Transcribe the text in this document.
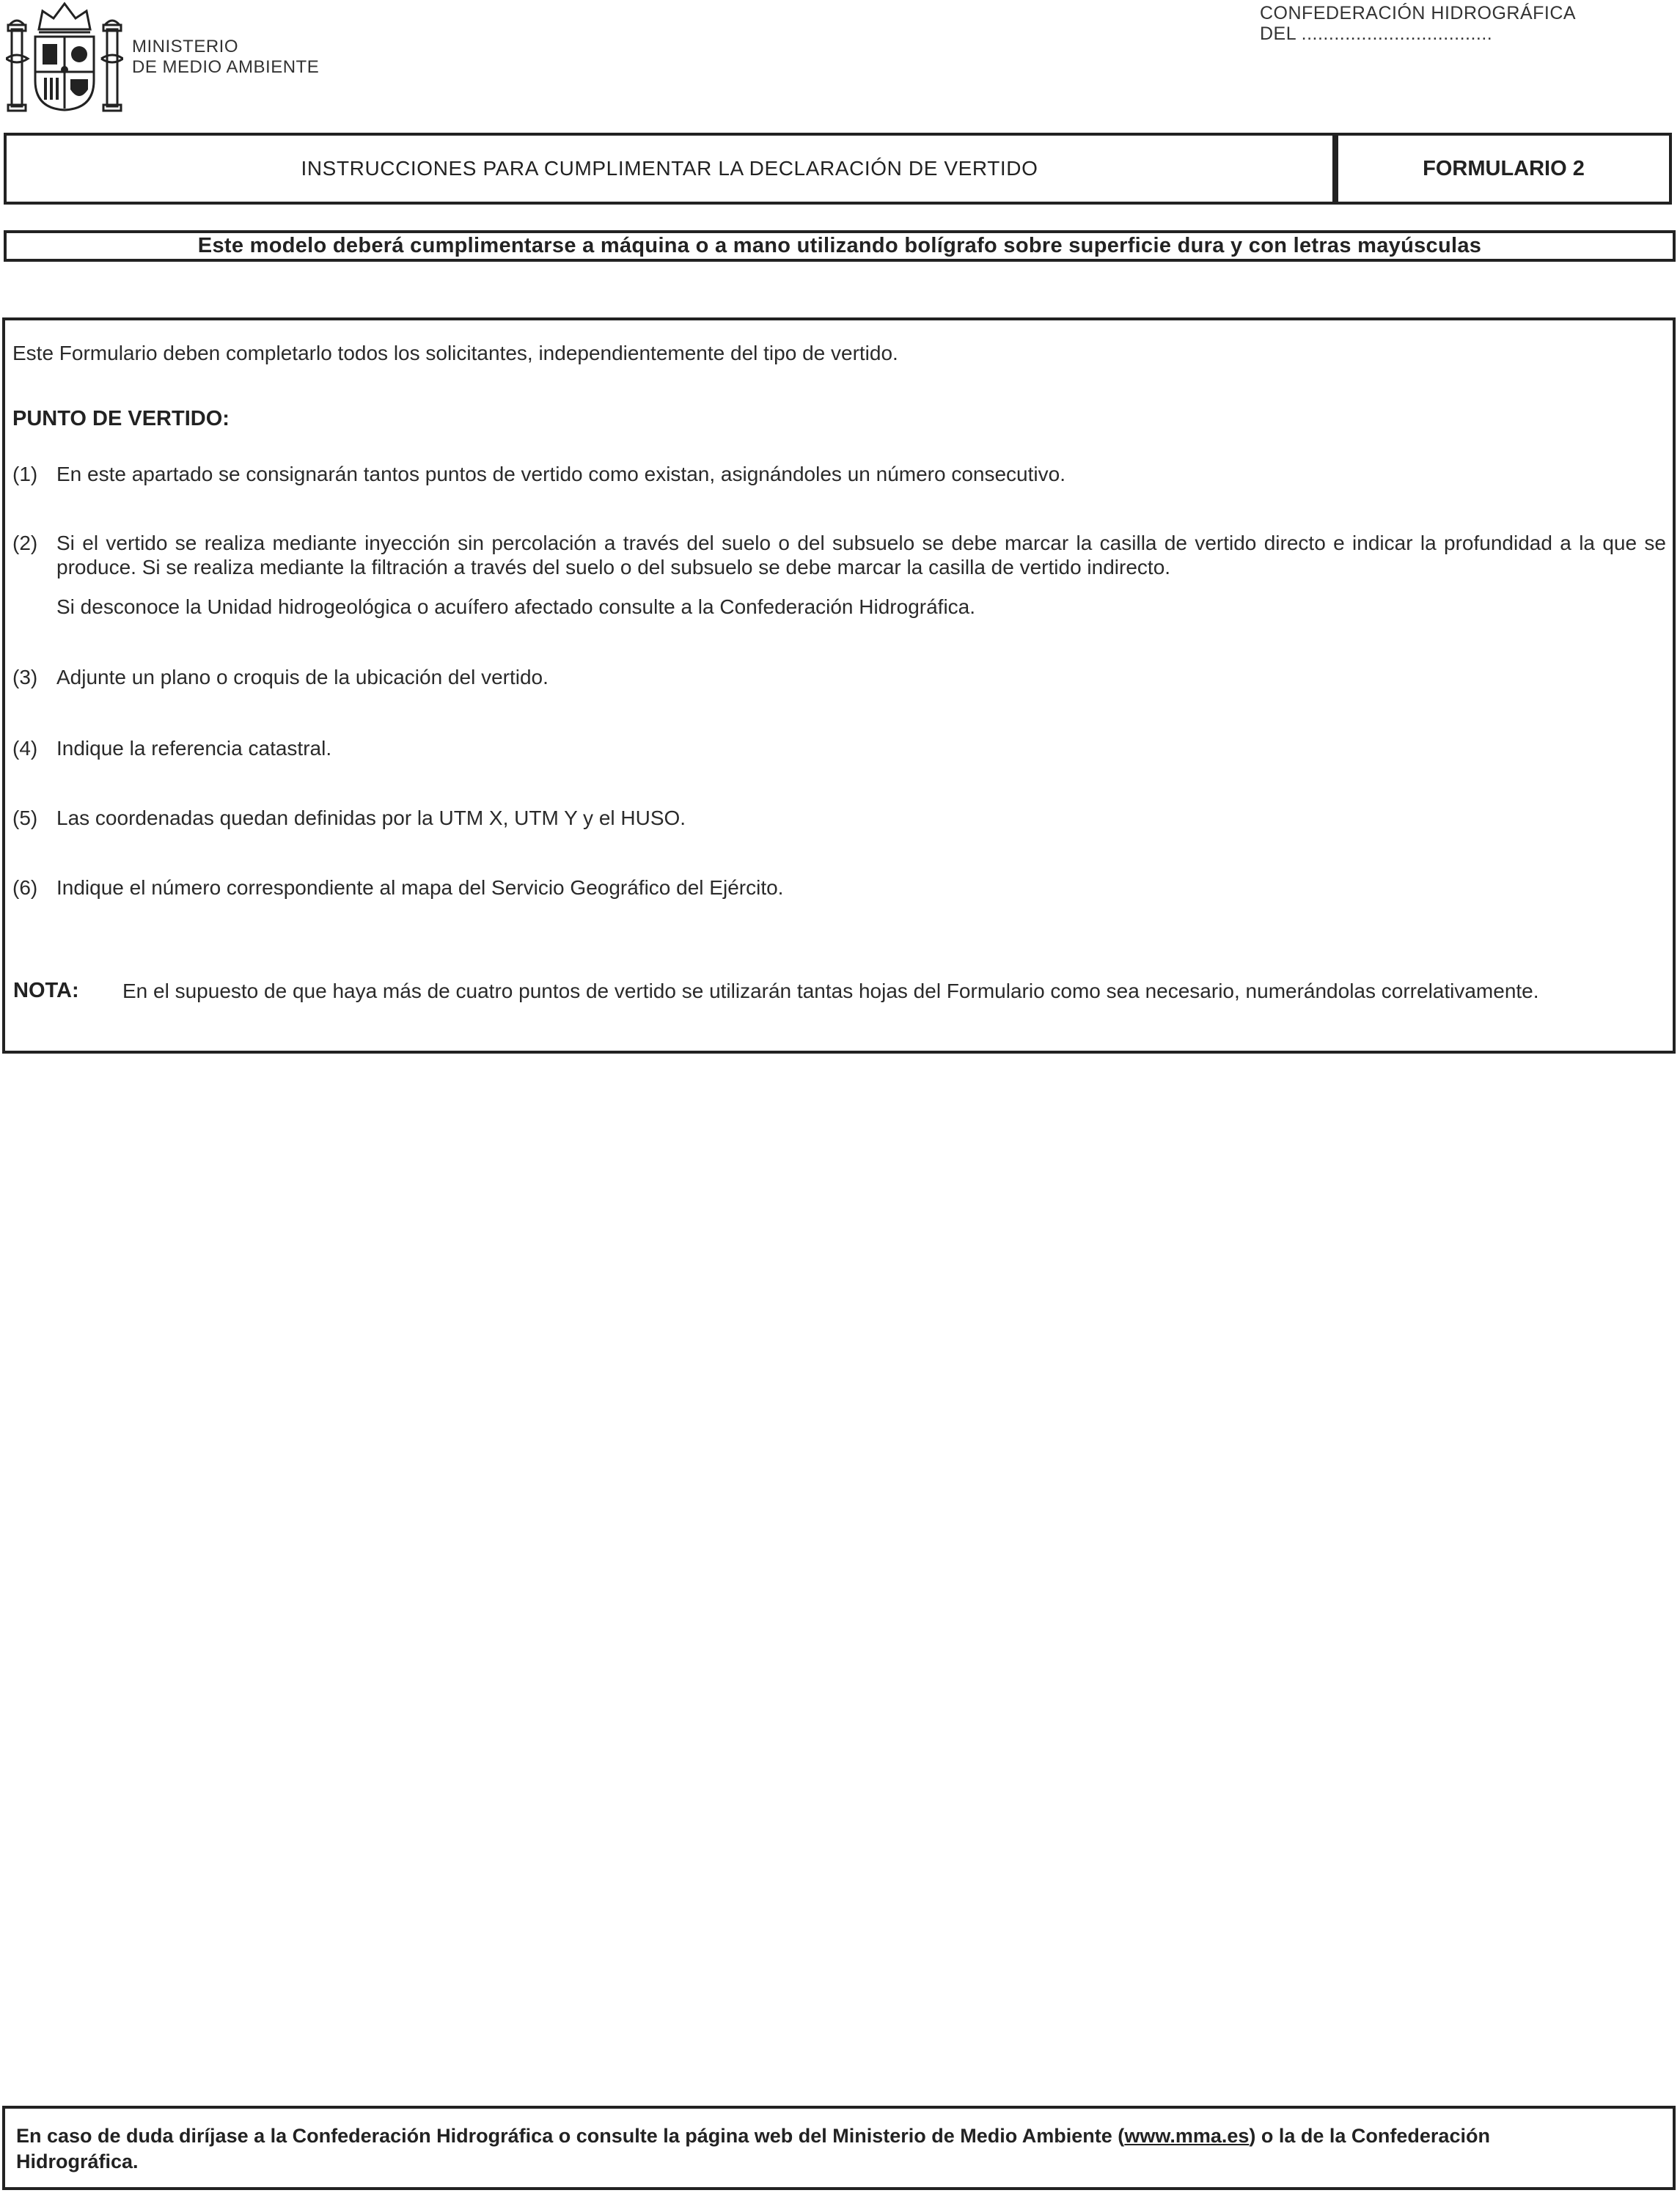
MINISTERIO
DE MEDIO AMBIENTE
CONFEDERACIÓN HIDROGRÁFICA
DEL ...................................
INSTRUCCIONES PARA CUMPLIMENTAR LA DECLARACIÓN DE VERTIDO	FORMULARIO 2
Este modelo deberá cumplimentarse a máquina o a mano utilizando bolígrafo sobre superficie dura y con letras mayúsculas
Este Formulario deben completarlo todos los solicitantes, independientemente del tipo de vertido.
PUNTO DE VERTIDO:
(1) En este apartado se consignarán tantos puntos de vertido como existan, asignándoles un número consecutivo.
(2) Si el vertido se realiza mediante inyección sin percolación a través del suelo o del subsuelo se debe marcar la casilla de vertido directo e indicar la profundidad a la que se produce. Si se realiza mediante la filtración a través del suelo o del subsuelo se debe marcar la casilla de vertido indirecto.
Si desconoce la Unidad hidrogeológica o acuífero afectado consulte a la Confederación Hidrográfica.
(3) Adjunte un plano o croquis de la ubicación del vertido.
(4) Indique la referencia catastral.
(5) Las coordenadas quedan definidas por la UTM X, UTM Y y el HUSO.
(6) Indique el número correspondiente al mapa del Servicio Geográfico del Ejército.
NOTA: En el supuesto de que haya más de cuatro puntos de vertido se utilizarán tantas hojas del Formulario como sea necesario, numerándolas correlativamente.
En caso de duda diríjase a la Confederación Hidrográfica o consulte la página web del Ministerio de Medio Ambiente (www.mma.es) o la de la Confederación Hidrográfica.
